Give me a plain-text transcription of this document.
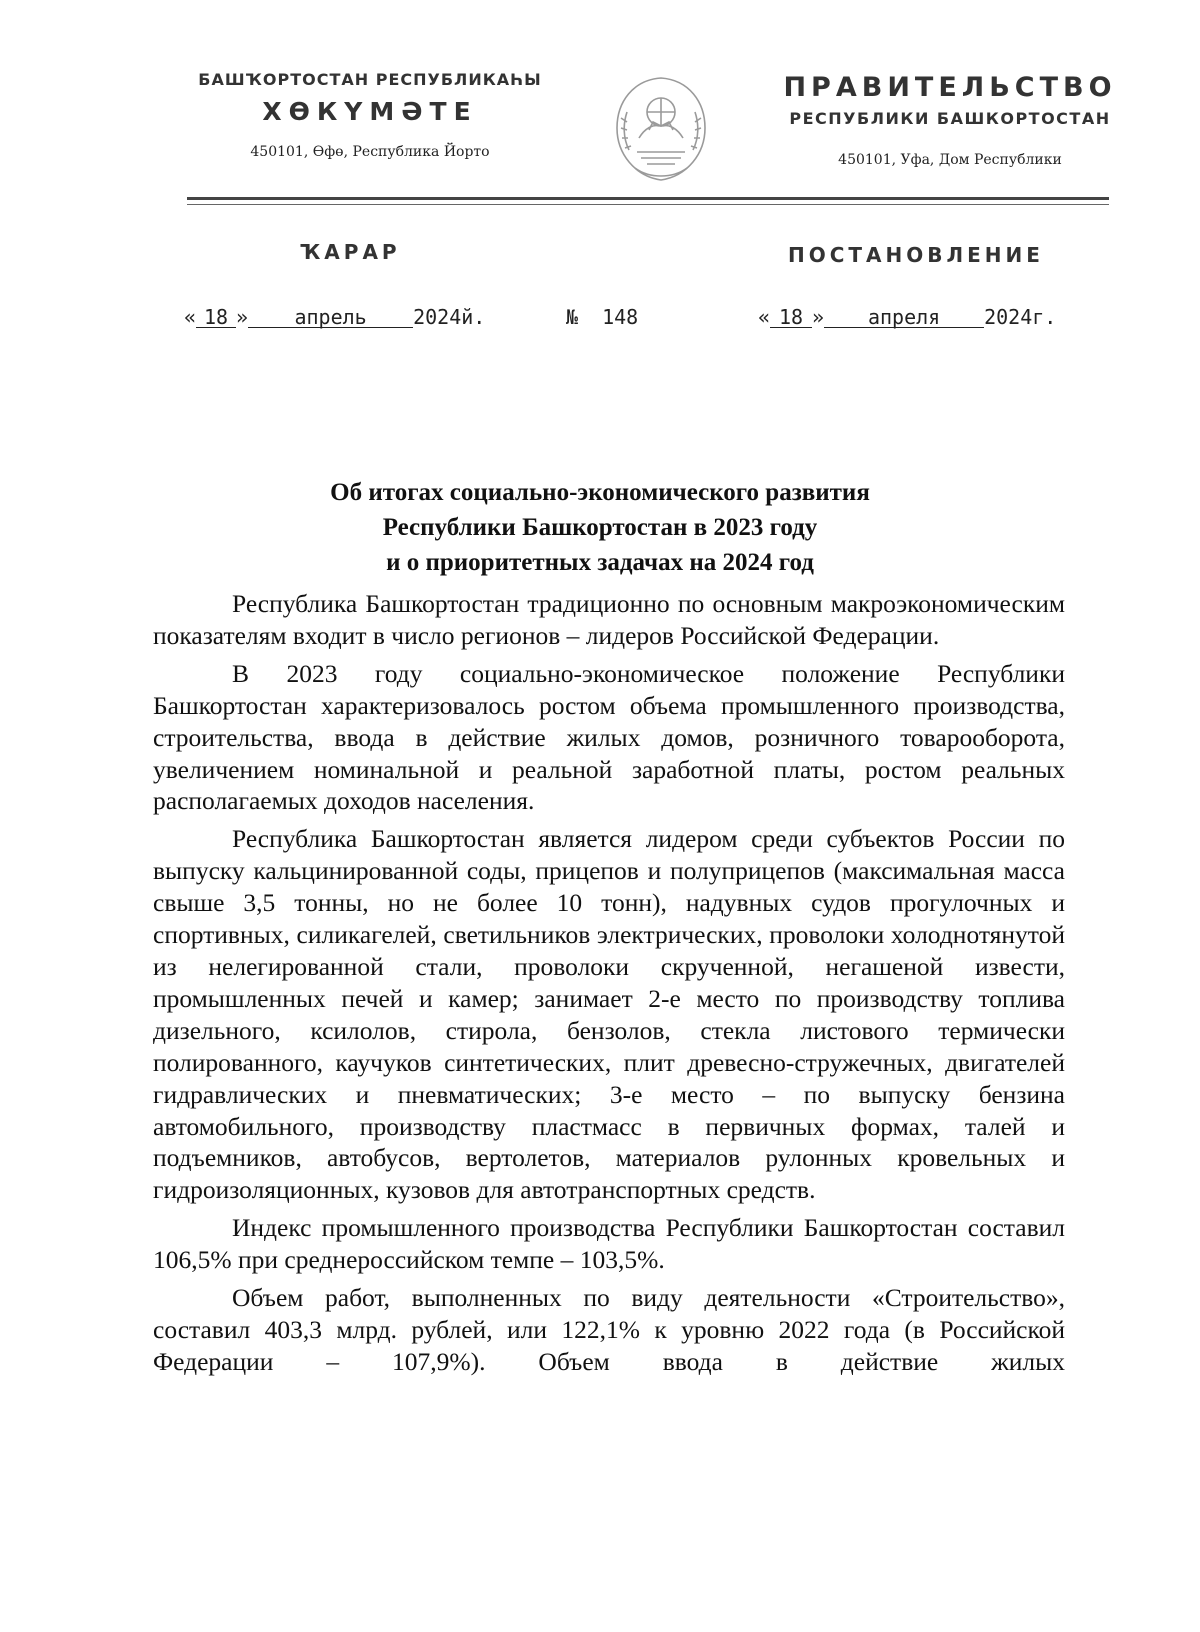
БАШҠОРТОСТАН РЕСПУБЛИКАҺЫ
ХӨКҮМӘТЕ
450101, Өфө, Республика Йорто
ПРАВИТЕЛЬСТВО
РЕСПУБЛИКИ БАШКОРТОСТАН
450101, Уфа, Дом Республики
ҠАРАР	ПОСТАНОВЛЕНИЕ
« 18 » апрель 2024й.	№ 148	« 18 » апреля 2024г.
Об итогах социально-экономического развития
Республики Башкортостан в 2023 году
и о приоритетных задачах на 2024 год

Республика Башкортостан традиционно по основным макроэкономическим показателям входит в число регионов – лидеров Российской Федерации.

В 2023 году социально-экономическое положение Республики Башкортостан характеризовалось ростом объема промышленного производства, строительства, ввода в действие жилых домов, розничного товарооборота, увеличением номинальной и реальной заработной платы, ростом реальных располагаемых доходов населения.

Республика Башкортостан является лидером среди субъектов России по выпуску кальцинированной соды, прицепов и полуприцепов (максимальная масса свыше 3,5 тонны, но не более 10 тонн), надувных судов прогулочных и спортивных, силикагелей, светильников электрических, проволоки холоднотянутой из нелегированной стали, проволоки скрученной, негашеной извести, промышленных печей и камер; занимает 2-е место по производству топлива дизельного, ксилолов, стирола, бензолов, стекла листового термически полированного, каучуков синтетических, плит древесно-стружечных, двигателей гидравлических и пневматических; 3-е место – по выпуску бензина автомобильного, производству пластмасс в первичных формах, талей и подъемников, автобусов, вертолетов, материалов рулонных кровельных и гидроизоляционных, кузовов для автотранспортных средств.

Индекс промышленного производства Республики Башкортостан составил 106,5% при среднероссийском темпе – 103,5%.

Объем работ, выполненных по виду деятельности «Строительство», составил 403,3 млрд. рублей, или 122,1% к уровню 2022 года (в Российской Федерации – 107,9%). Объем ввода в действие жилых
